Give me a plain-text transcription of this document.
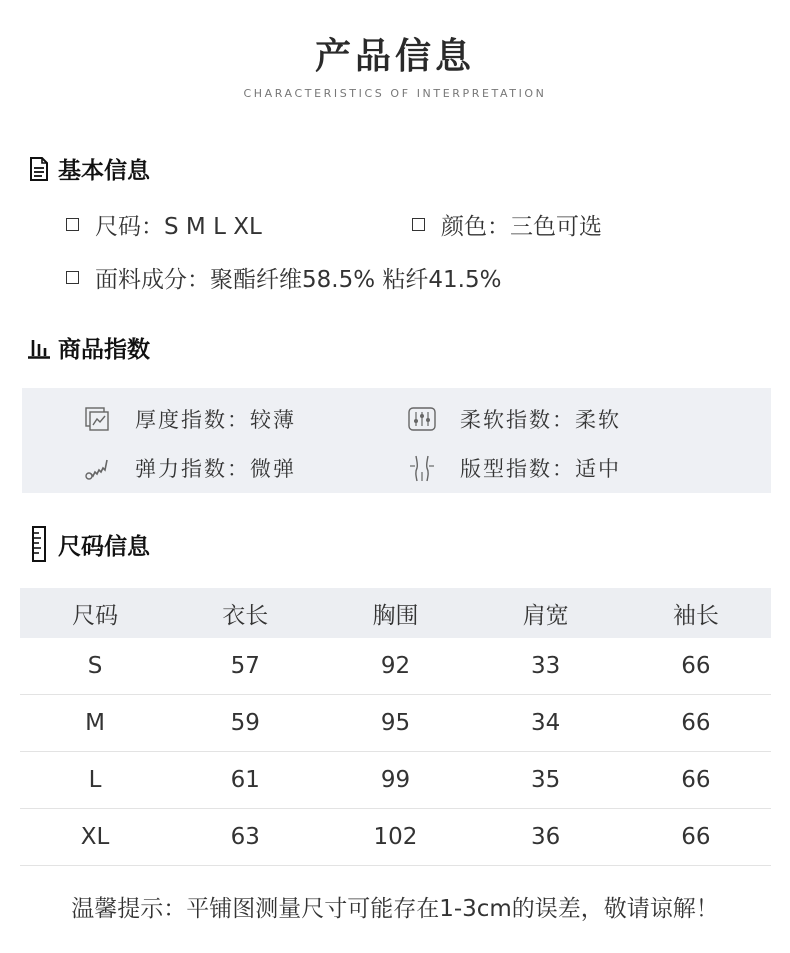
产品信息
CHARACTERISTICS OF INTERPRETATION
基本信息
尺码：S M L XL	颜色：三色可选
面料成分：聚酯纤维58.5% 粘纤41.5%
商品指数
厚度指数：较薄	柔软指数：柔软
弹力指数：微弹	版型指数：适中
尺码信息
尺码	衣长	胸围	肩宽	袖长
S	57	92	33	66
M	59	95	34	66
L	61	99	35	66
XL	63	102	36	66
温馨提示：平铺图测量尺寸可能存在1-3cm的误差，敬请谅解！
